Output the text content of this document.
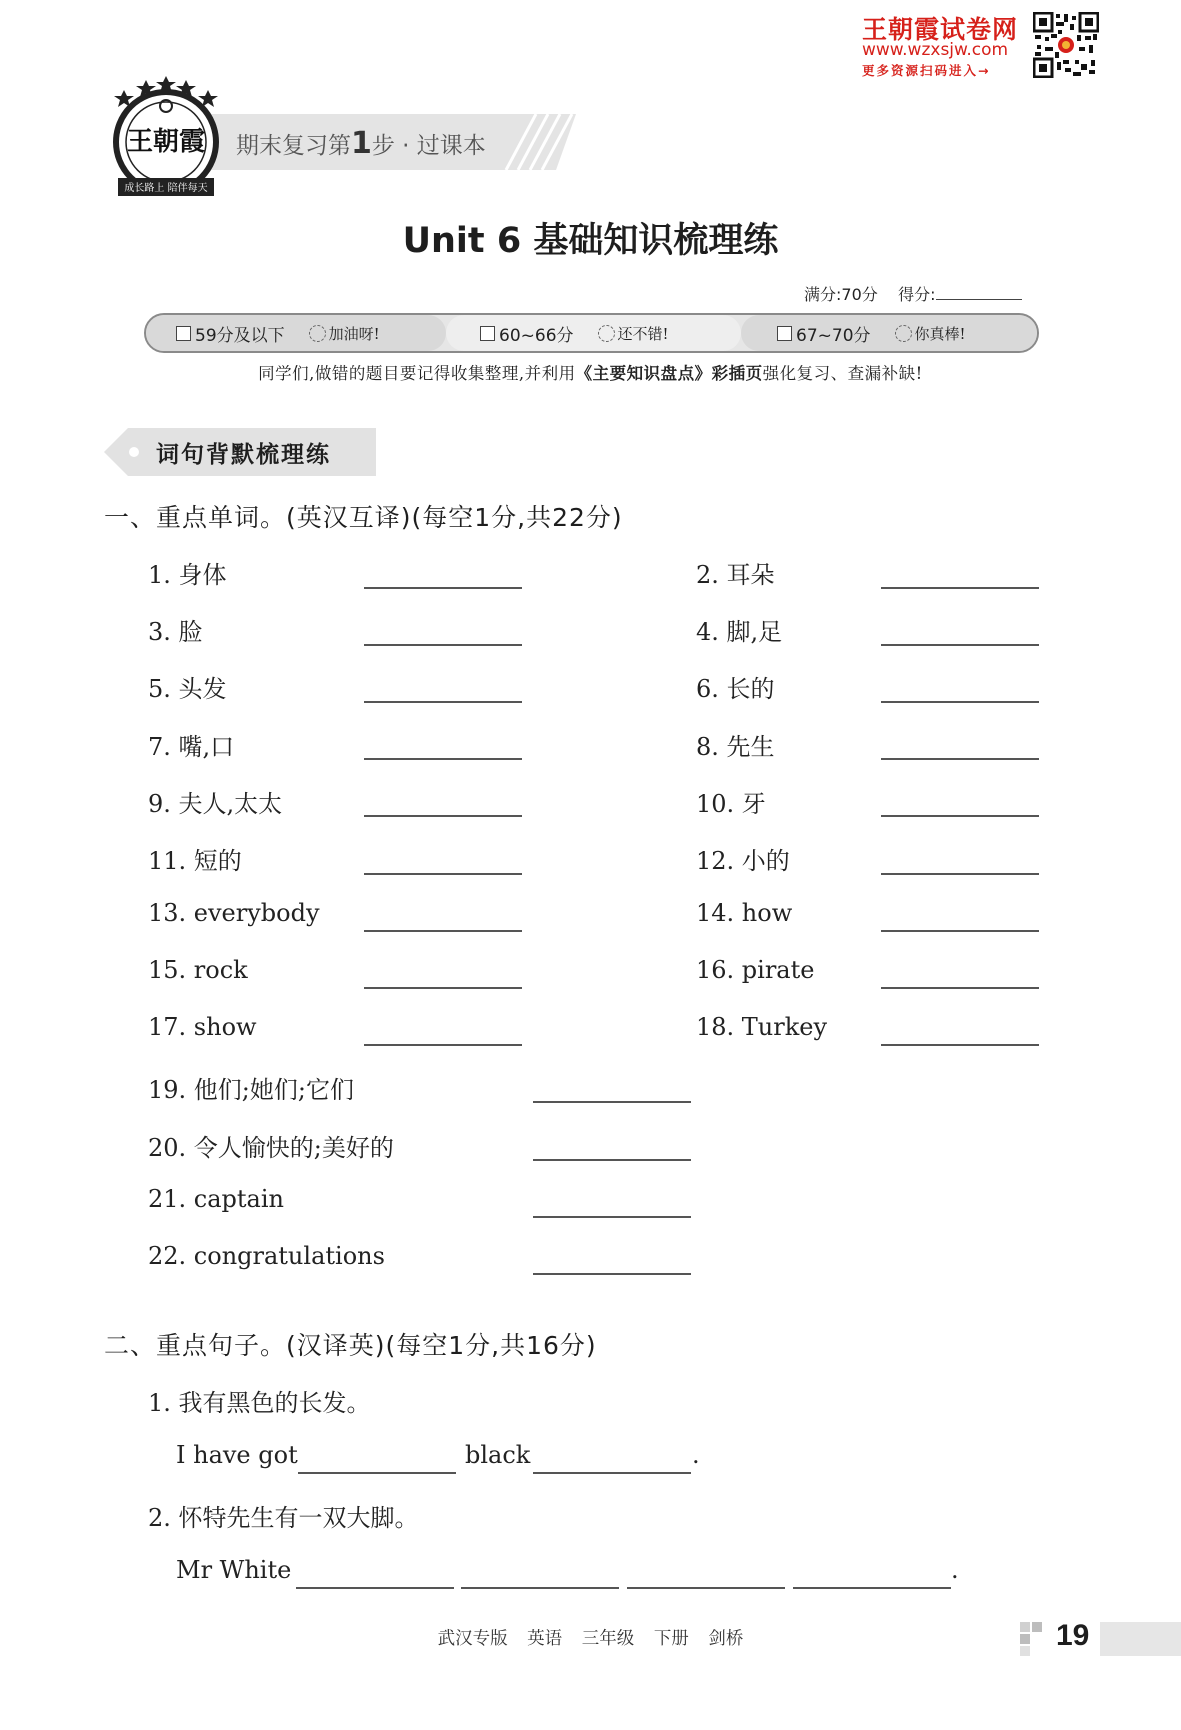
王朝霞试卷网
www.wzxsjw.com
更多资源扫码进入→
期末复习第1步 · 过课本
王朝霞
成长路上 陪伴每天
Unit 6 基础知识梳理练
满分:70分 得分:
59分及以下	加油呀!	60~66分	还不错!	67~70分	你真棒!
同学们,做错的题目要记得收集整理,并利用《主要知识盘点》彩插页强化复习、查漏补缺!
词句背默梳理练
一、重点单词。(英汉互译)(每空1分,共22分)
1. 身体	2. 耳朵
3. 脸	4. 脚,足
5. 头发	6. 长的
7. 嘴,口	8. 先生
9. 夫人,太太	10. 牙
11. 短的	12. 小的
13. everybody	14. how
15. rock	16. pirate
17. show	18. Turkey
19. 他们;她们;它们
20. 令人愉快的;美好的
21. captain
22. congratulations
二、重点句子。(汉译英)(每空1分,共16分)
1. 我有黑色的长发。
I have got	black	.
2. 怀特先生有一双大脚。
Mr White	.
武汉专版 英语 三年级 下册 剑桥	19
